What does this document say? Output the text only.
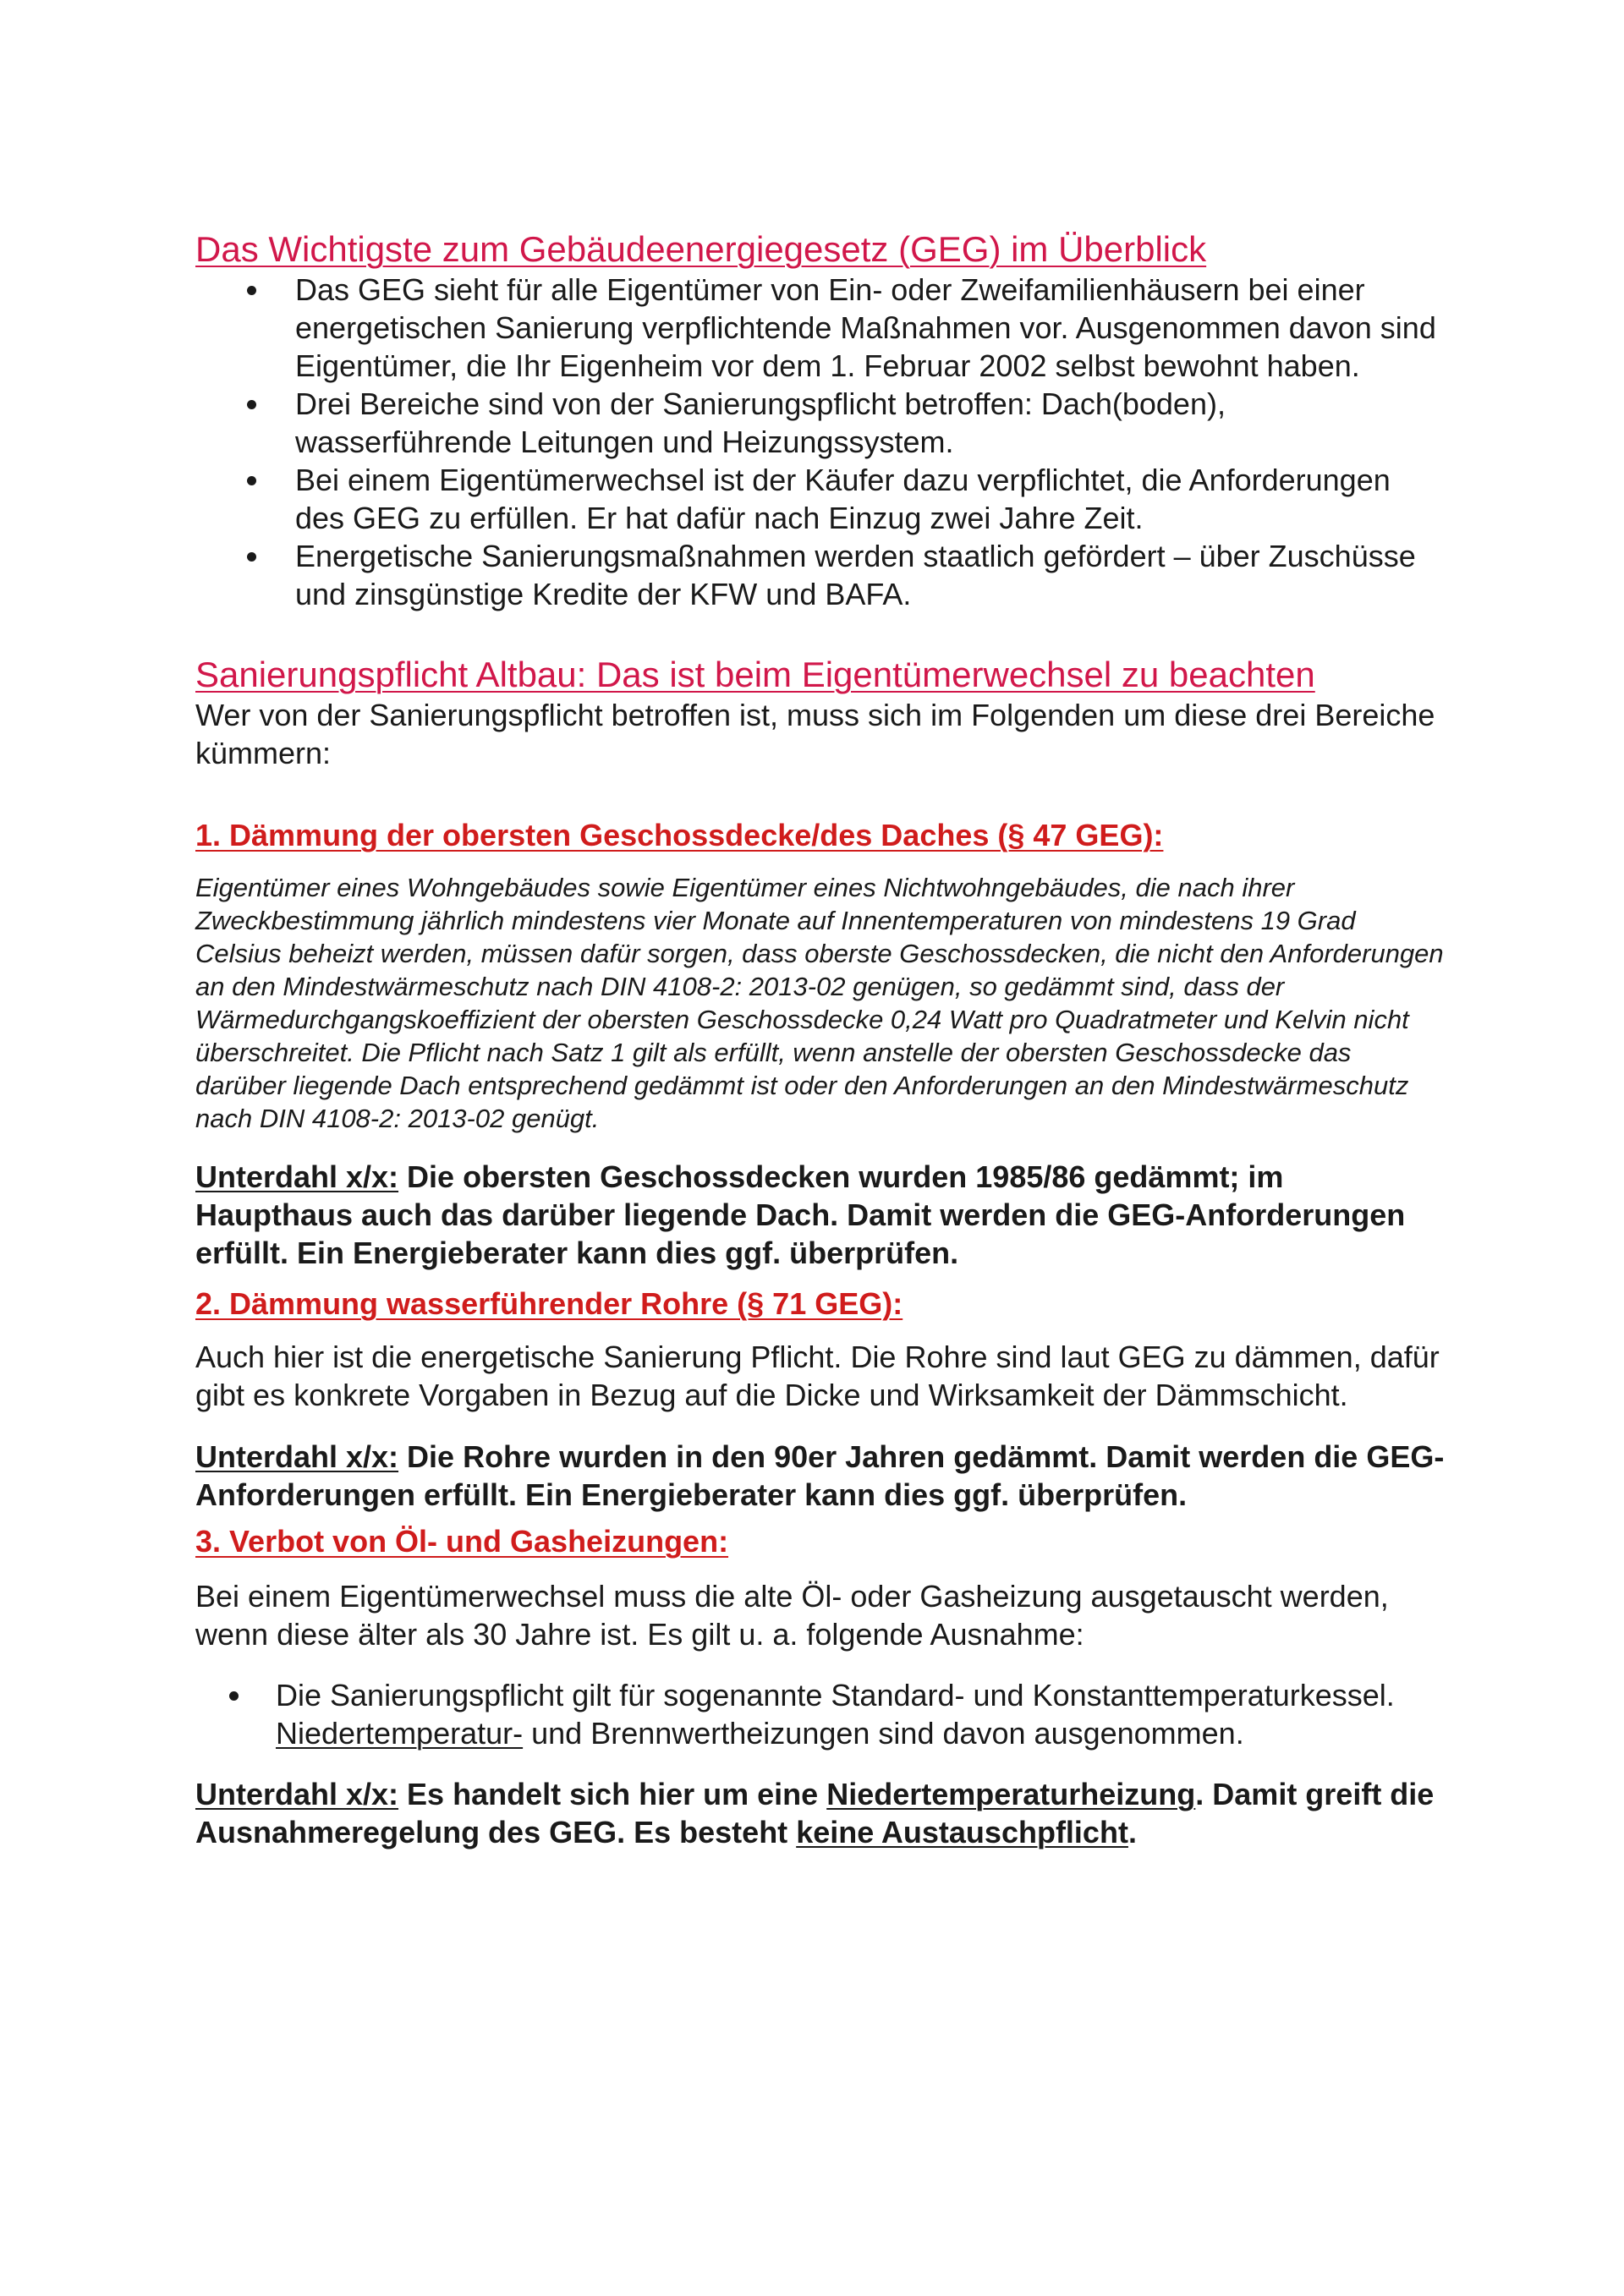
Das Wichtigste zum Gebäudeenergiegesetz (GEG) im Überblick
Das GEG sieht für alle Eigentümer von Ein- oder Zweifamilienhäusern bei einer energetischen Sanierung verpflichtende Maßnahmen vor. Ausgenommen davon sind Eigentümer, die Ihr Eigenheim vor dem 1. Februar 2002 selbst bewohnt haben.
Drei Bereiche sind von der Sanierungspflicht betroffen: Dach(boden), wasserführende Leitungen und Heizungssystem.
Bei einem Eigentümerwechsel ist der Käufer dazu verpflichtet, die Anforderungen des GEG zu erfüllen. Er hat dafür nach Einzug zwei Jahre Zeit.
Energetische Sanierungsmaßnahmen werden staatlich gefördert – über Zuschüsse und zinsgünstige Kredite der KFW und BAFA.
Sanierungspflicht Altbau: Das ist beim Eigentümerwechsel zu beachten

Wer von der Sanierungspflicht betroffen ist, muss sich im Folgenden um diese drei Bereiche kümmern:

1. Dämmung der obersten Geschossdecke/des Daches (§ 47 GEG):

Eigentümer eines Wohngebäudes sowie Eigentümer eines Nichtwohngebäudes, die nach ihrer Zweckbestimmung jährlich mindestens vier Monate auf Innentemperaturen von mindestens 19 Grad Celsius beheizt werden, müssen dafür sorgen, dass oberste Geschossdecken, die nicht den Anforderungen an den Mindestwärmeschutz nach DIN 4108-2: 2013-02 genügen, so gedämmt sind, dass der Wärmedurchgangskoeffizient der obersten Geschossdecke 0,24 Watt pro Quadratmeter und Kelvin nicht überschreitet. Die Pflicht nach Satz 1 gilt als erfüllt, wenn anstelle der obersten Geschossdecke das darüber liegende Dach entsprechend gedämmt ist oder den Anforderungen an den Mindestwärmeschutz nach DIN 4108-2: 2013-02 genügt.

Unterdahl x/x: Die obersten Geschossdecken wurden 1985/86 gedämmt; im Haupthaus auch das darüber liegende Dach. Damit werden die GEG-Anforderungen erfüllt. Ein Energieberater kann dies ggf. überprüfen.

2. Dämmung wasserführender Rohre (§ 71 GEG):

Auch hier ist die energetische Sanierung Pflicht. Die Rohre sind laut GEG zu dämmen, dafür gibt es konkrete Vorgaben in Bezug auf die Dicke und Wirksamkeit der Dämmschicht.

Unterdahl x/x: Die Rohre wurden in den 90er Jahren gedämmt. Damit werden die GEG-Anforderungen erfüllt. Ein Energieberater kann dies ggf. überprüfen.

3. Verbot von Öl- und Gasheizungen:

Bei einem Eigentümerwechsel muss die alte Öl- oder Gasheizung ausgetauscht werden, wenn diese älter als 30 Jahre ist. Es gilt u. a. folgende Ausnahme:

Die Sanierungspflicht gilt für sogenannte Standard- und Konstanttemperaturkessel. Niedertemperatur- und Brennwertheizungen sind davon ausgenommen.

Unterdahl x/x: Es handelt sich hier um eine Niedertemperaturheizung. Damit greift die Ausnahmeregelung des GEG. Es besteht keine Austauschpflicht.
